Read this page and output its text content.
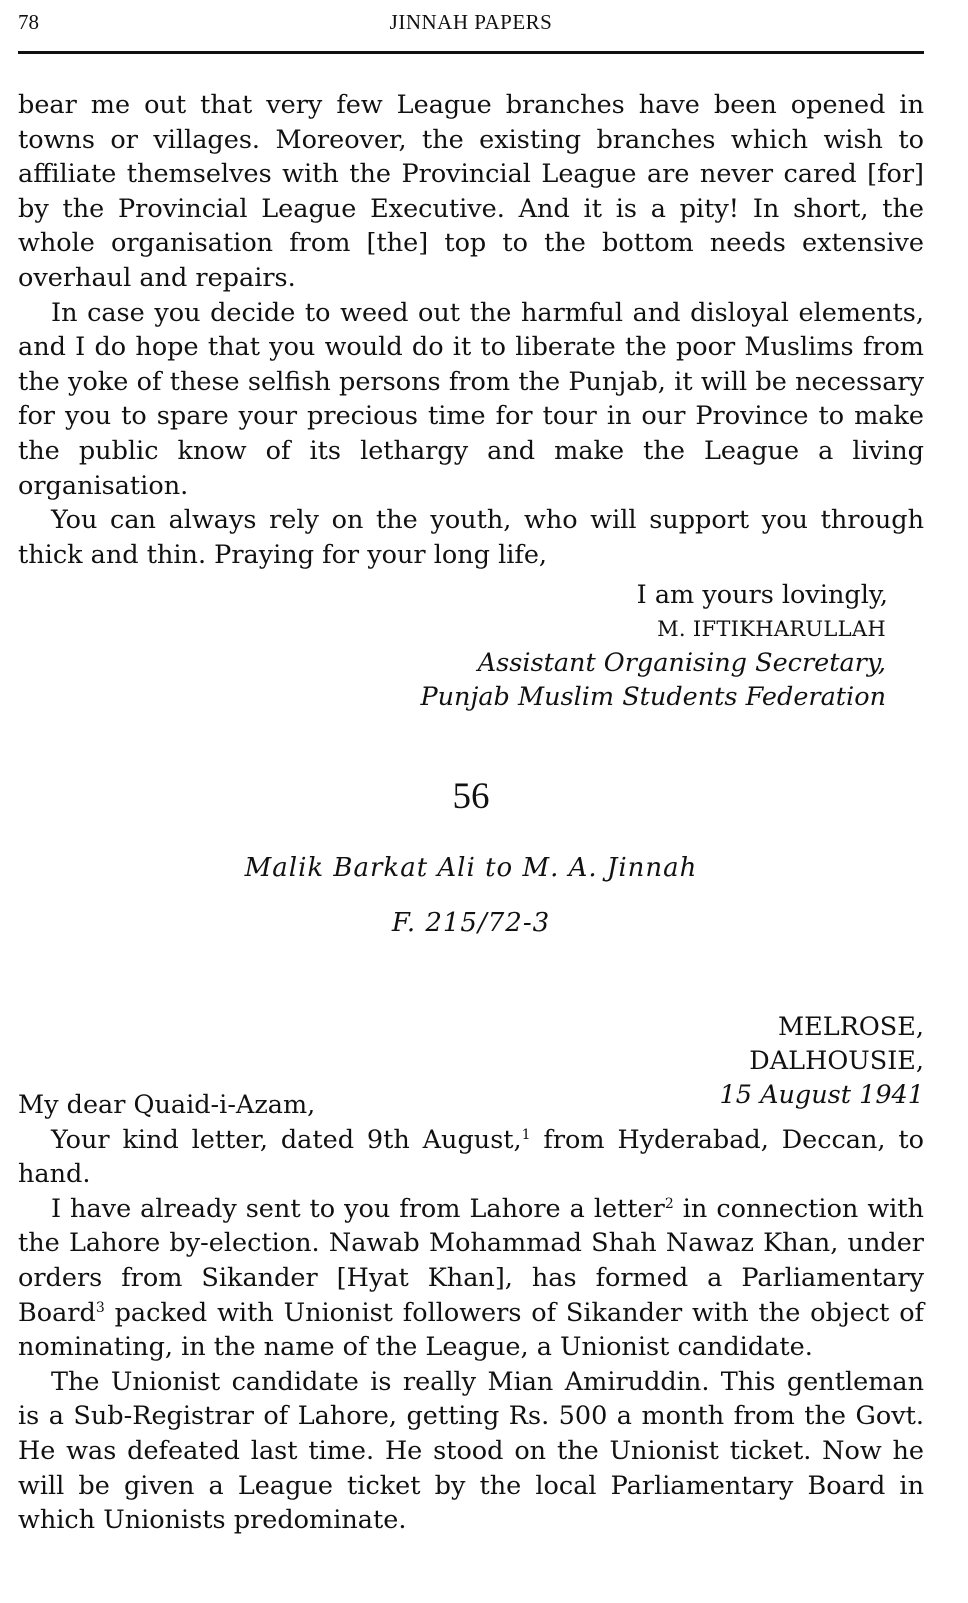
78	JINNAH PAPERS

bear me out that very few League branches have been opened in towns or villages. Moreover, the existing branches which wish to affiliate themselves with the Provincial League are never cared [for] by the Provincial League Executive. And it is a pity! In short, the whole organisation from [the] top to the bottom needs extensive overhaul and repairs.

In case you decide to weed out the harmful and disloyal elements, and I do hope that you would do it to liberate the poor Muslims from the yoke of these selfish persons from the Punjab, it will be necessary for you to spare your precious time for tour in our Province to make the public know of its lethargy and make the League a living organisation.

You can always rely on the youth, who will support you through thick and thin. Praying for your long life,

I am yours lovingly,
M. IFTIKHARULLAH
Assistant Organising Secretary,
Punjab Muslim Students Federation
56
Malik Barkat Ali to M. A. Jinnah
F. 215/72-3
MELROSE,
DALHOUSIE,
15 August 1941

My dear Quaid-i-Azam,

Your kind letter, dated 9th August,$^1$ from Hyderabad, Deccan, to hand.

I have already sent to you from Lahore a letter$^2$ in connection with the Lahore by-election. Nawab Mohammad Shah Nawaz Khan, under orders from Sikander [Hyat Khan], has formed a Parliamentary Board$^3$ packed with Unionist followers of Sikander with the object of nominating, in the name of the League, a Unionist candidate.

The Unionist candidate is really Mian Amiruddin. This gentleman is a Sub-Registrar of Lahore, getting Rs. 500 a month from the Govt. He was defeated last time. He stood on the Unionist ticket. Now he will be given a League ticket by the local Parliamentary Board in which Unionists predominate.
